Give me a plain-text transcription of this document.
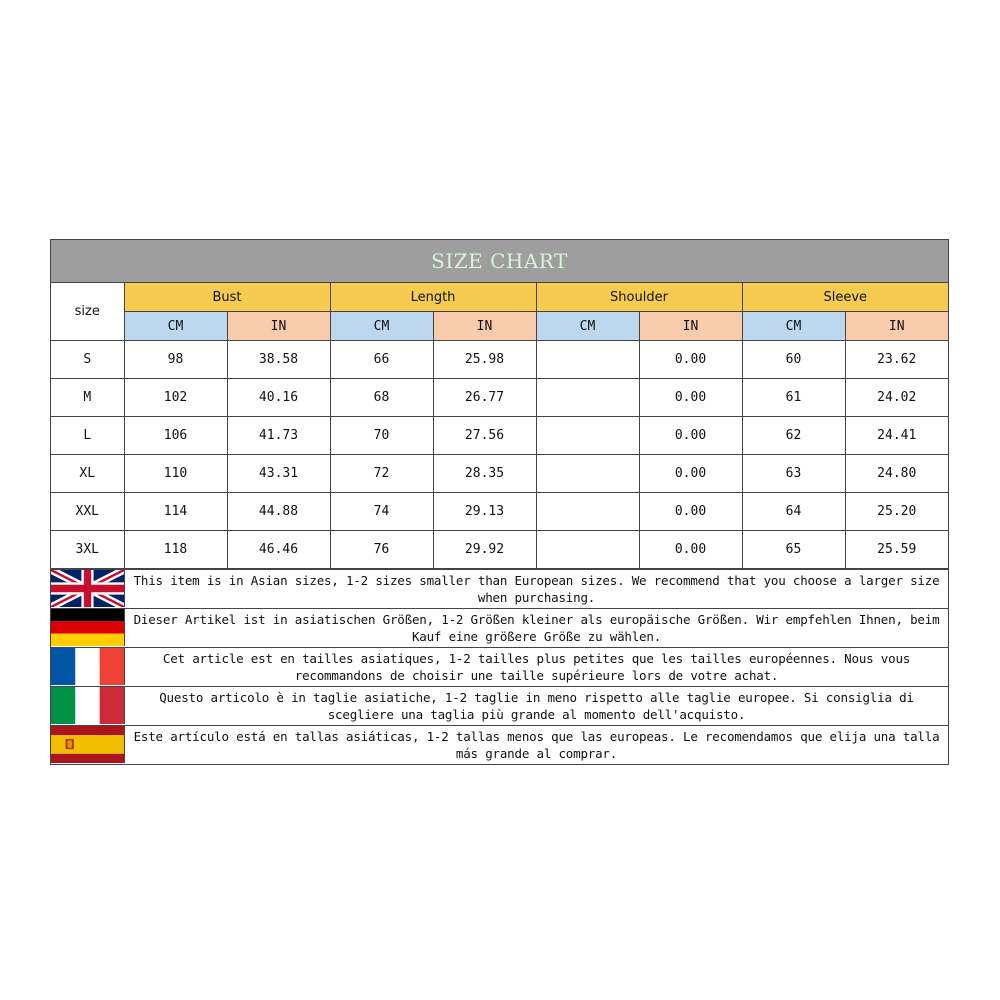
SIZE CHART
size	Bust		Length		Shoulder		Sleeve	
	CM	IN	CM	IN	CM	IN	CM	IN
S	98	38.58	66	25.98		0.00	60	23.62
M	102	40.16	68	26.77		0.00	61	24.02
L	106	41.73	70	27.56		0.00	62	24.41
XL	110	43.31	72	28.35		0.00	63	24.80
XXL	114	44.88	74	29.13		0.00	64	25.20
3XL	118	46.46	76	29.92		0.00	65	25.59
This item is in Asian sizes, 1-2 sizes smaller than European sizes. We recommend that you choose a larger size when purchasing.
Dieser Artikel ist in asiatischen Größen, 1-2 Größen kleiner als europäische Größen. Wir empfehlen Ihnen, beim Kauf eine größere Größe zu wählen.
Cet article est en tailles asiatiques, 1-2 tailles plus petites que les tailles européennes. Nous vous recommandons de choisir une taille supérieure lors de votre achat.
Questo articolo è in taglie asiatiche, 1-2 taglie in meno rispetto alle taglie europee. Si consiglia di scegliere una taglia più grande al momento dell'acquisto.
Este artículo está en tallas asiáticas, 1-2 tallas menos que las europeas. Le recomendamos que elija una talla más grande al comprar.
